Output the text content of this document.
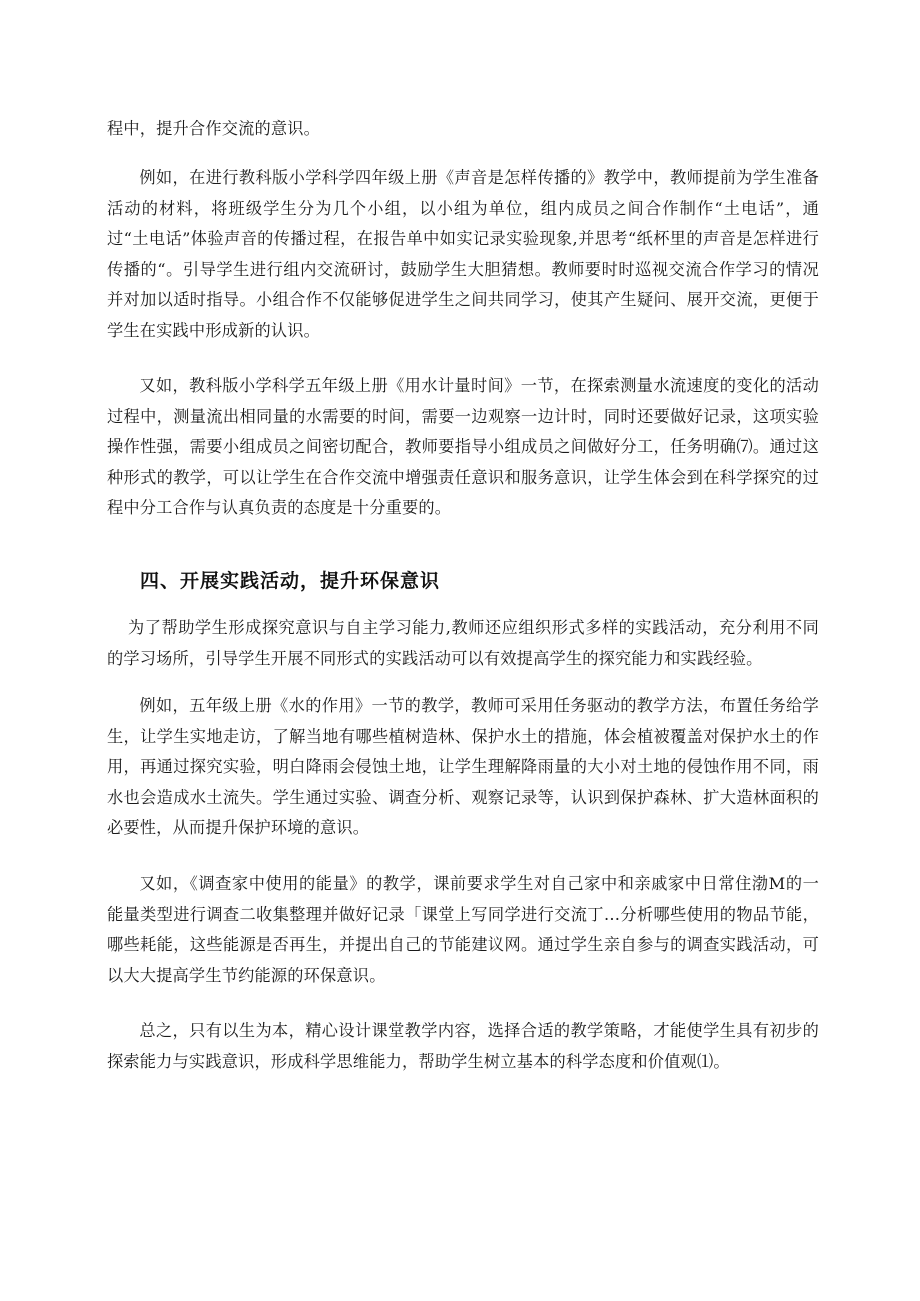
程中，提升合作交流的意识。

例如，在进行教科版小学科学四年级上册《声音是怎样传播的》教学中，教师提前为学生准备活动的材料，将班级学生分为几个小组，以小组为单位，组内成员之间合作制作“土电话”，通过“土电话”体验声音的传播过程，在报告单中如实记录实验现象,并思考“纸杯里的声音是怎样进行传播的“。引导学生进行组内交流研讨，鼓励学生大胆猜想。教师要时时巡视交流合作学习的情况并对加以适时指导。小组合作不仅能够促进学生之间共同学习，使其产生疑问、展开交流，更便于学生在实践中形成新的认识。

又如，教科版小学科学五年级上册《用水计量时间》一节，在探索测量水流速度的变化的活动过程中，测量流出相同量的水需要的时间，需要一边观察一边计时，同时还要做好记录，这项实验操作性强，需要小组成员之间密切配合，教师要指导小组成员之间做好分工，任务明确⑺。通过这种形式的教学，可以让学生在合作交流中增强责任意识和服务意识，让学生体会到在科学探究的过程中分工合作与认真负责的态度是十分重要的。

四、开展实践活动，提升环保意识

为了帮助学生形成探究意识与自主学习能力,教师还应组织形式多样的实践活动，充分利用不同的学习场所，引导学生开展不同形式的实践活动可以有效提高学生的探究能力和实践经验。

例如，五年级上册《水的作用》一节的教学，教师可采用任务驱动的教学方法，布置任务给学生，让学生实地走访，了解当地有哪些植树造林、保护水土的措施，体会植被覆盖对保护水土的作用，再通过探究实验，明白降雨会侵蚀土地，让学生理解降雨量的大小对土地的侵蚀作用不同，雨水也会造成水土流失。学生通过实验、调查分析、观察记录等，认识到保护森林、扩大造林面积的必要性，从而提升保护环境的意识。

又如，《调查家中使用的能量》的教学，课前要求学生对自己家中和亲戚家中日常住渤M的一能量类型进行调查二收集整理并做好记录「课堂上写同学进行交流丁…分析哪些使用的物品节能，哪些耗能，这些能源是否再生，并提出自己的节能建议网。通过学生亲自参与的调查实践活动，可以大大提高学生节约能源的环保意识。

总之，只有以生为本，精心设计课堂教学内容，选择合适的教学策略，才能使学生具有初步的探索能力与实践意识，形成科学思维能力，帮助学生树立基本的科学态度和价值观⑴。
